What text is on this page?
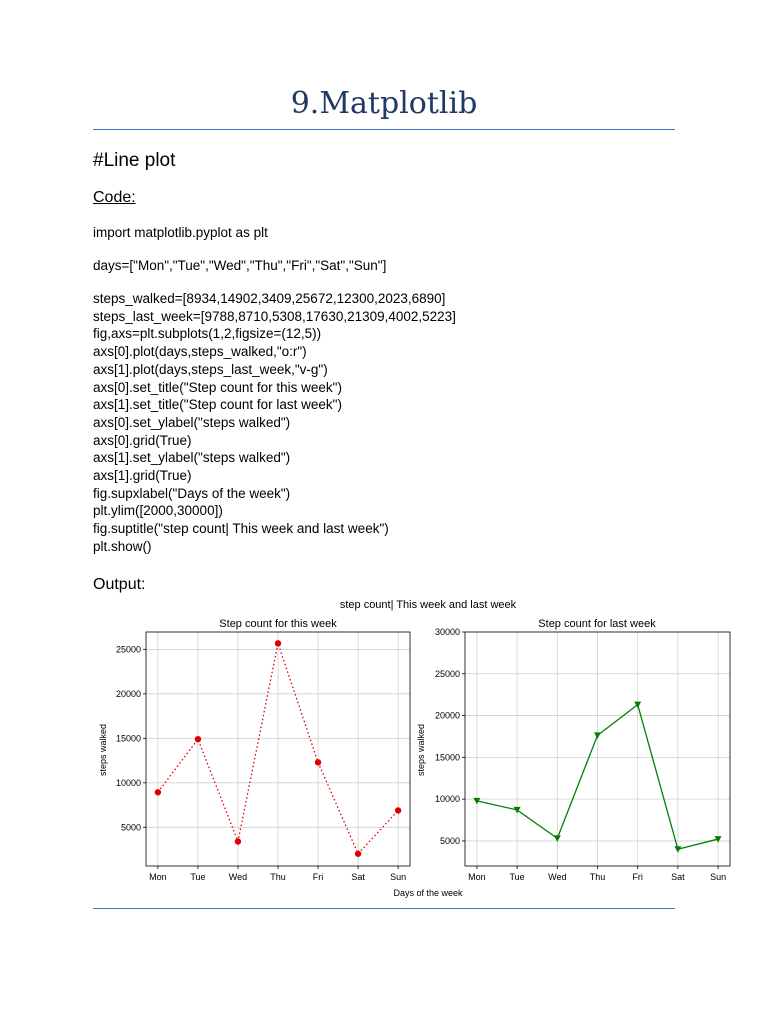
9.Matplotlib
#Line plot
Code:
import matplotlib.pyplot as plt
days=["Mon","Tue","Wed","Thu","Fri","Sat","Sun"]
steps_walked=[8934,14902,3409,25672,12300,2023,6890]
steps_last_week=[9788,8710,5308,17630,21309,4002,5223]
fig,axs=plt.subplots(1,2,figsize=(12,5))
axs[0].plot(days,steps_walked,"o:r")
axs[1].plot(days,steps_last_week,"v-g")
axs[0].set_title("Step count for this week")
axs[1].set_title("Step count for last week")
axs[0].set_ylabel("steps walked")
axs[0].grid(True)
axs[1].set_ylabel("steps walked")
axs[1].grid(True)
fig.supxlabel("Days of the week")
plt.ylim([2000,30000])
fig.suptitle("step count| This week and last week")
plt.show()
Output:
step count| This week and last week
Days of the week
Step count for this week
steps walked
Mon	Tue	Wed	Thu	Fri	Sat	Sun
5000
10000
15000
20000
25000
Step count for last week
steps walked
Mon	Tue	Wed	Thu	Fri	Sat	Sun
5000
10000
15000
20000
25000
30000
